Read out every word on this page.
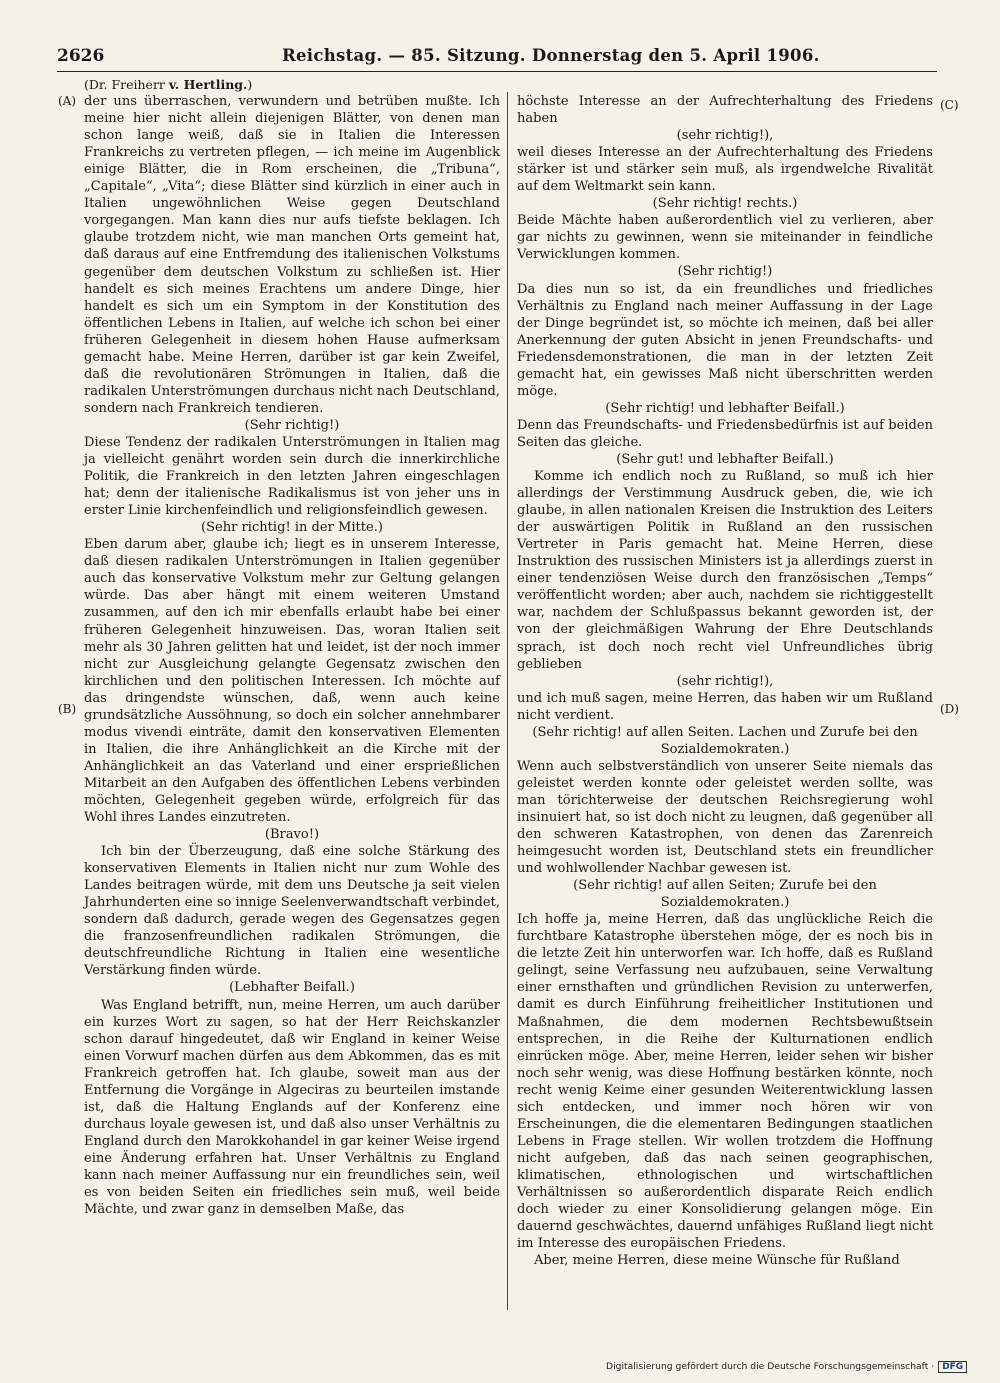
2626	Reichstag. — 85. Sitzung. Donnerstag den 5. April 1906.
(A)
(B)
(C)
(D)

(Dr. Freiherr v. Hertling.)

der uns überraschen, verwundern und betrüben mußte. Ich meine hier nicht allein diejenigen Blätter, von denen man schon lange weiß, daß sie in Italien die Interessen Frankreichs zu vertreten pflegen, — ich meine im Augenblick einige Blätter, die in Rom erscheinen, die „Tribuna“, „Capitale“, „Vita“; diese Blätter sind kürzlich in einer auch in Italien ungewöhnlichen Weise gegen Deutschland vorgegangen. Man kann dies nur aufs tiefste beklagen. Ich glaube trotzdem nicht, wie man manchen Orts gemeint hat, daß daraus auf eine Entfremdung des italienischen Volkstums gegenüber dem deutschen Volkstum zu schließen ist. Hier handelt es sich meines Erachtens um andere Dinge, hier handelt es sich um ein Symptom in der Konstitution des öffentlichen Lebens in Italien, auf welche ich schon bei einer früheren Gelegenheit in diesem hohen Hause aufmerksam gemacht habe. Meine Herren, darüber ist gar kein Zweifel, daß die revolutionären Strömungen in Italien, daß die radikalen Unterströmungen durchaus nicht nach Deutschland, sondern nach Frankreich tendieren.

(Sehr richtig!)

Diese Tendenz der radikalen Unterströmungen in Italien mag ja vielleicht genährt worden sein durch die innerkirchliche Politik, die Frankreich in den letzten Jahren eingeschlagen hat; denn der italienische Radikalismus ist von jeher uns in erster Linie kirchenfeindlich und religionsfeindlich gewesen.

(Sehr richtig! in der Mitte.)

Eben darum aber, glaube ich; liegt es in unserem Interesse, daß diesen radikalen Unterströmungen in Italien gegenüber auch das konservative Volkstum mehr zur Geltung gelangen würde. Das aber hängt mit einem weiteren Umstand zusammen, auf den ich mir ebenfalls erlaubt habe bei einer früheren Gelegenheit hinzuweisen. Das, woran Italien seit mehr als 30 Jahren gelitten hat und leidet, ist der noch immer nicht zur Ausgleichung gelangte Gegensatz zwischen den kirchlichen und den politischen Interessen. Ich möchte auf das dringendste wünschen, daß, wenn auch keine grundsätzliche Aussöhnung, so doch ein solcher annehmbarer modus vivendi einträte, damit den konservativen Elementen in Italien, die ihre Anhänglichkeit an die Kirche mit der Anhänglichkeit an das Vaterland und einer ersprießlichen Mitarbeit an den Aufgaben des öffentlichen Lebens verbinden möchten, Gelegenheit gegeben würde, erfolgreich für das Wohl ihres Landes einzutreten.

(Bravo!)

Ich bin der Überzeugung, daß eine solche Stärkung des konservativen Elements in Italien nicht nur zum Wohle des Landes beitragen würde, mit dem uns Deutsche ja seit vielen Jahrhunderten eine so innige Seelenverwandtschaft verbindet, sondern daß dadurch, gerade wegen des Gegensatzes gegen die franzosenfreundlichen radikalen Strömungen, die deutschfreundliche Richtung in Italien eine wesentliche Verstärkung finden würde.

(Lebhafter Beifall.)

Was England betrifft, nun, meine Herren, um auch darüber ein kurzes Wort zu sagen, so hat der Herr Reichskanzler schon darauf hingedeutet, daß wir England in keiner Weise einen Vorwurf machen dürfen aus dem Abkommen, das es mit Frankreich getroffen hat. Ich glaube, soweit man aus der Entfernung die Vorgänge in Algeciras zu beurteilen imstande ist, daß die Haltung Englands auf der Konferenz eine durchaus loyale gewesen ist, und daß also unser Verhältnis zu England durch den Marokkohandel in gar keiner Weise irgend eine Änderung erfahren hat. Unser Verhältnis zu England kann nach meiner Auffassung nur ein freundliches sein, weil es von beiden Seiten ein friedliches sein muß, weil beide Mächte, und zwar ganz in demselben Maße, das

höchste Interesse an der Aufrechterhaltung des Friedens haben

(sehr richtig!),

weil dieses Interesse an der Aufrechterhaltung des Friedens stärker ist und stärker sein muß, als irgendwelche Rivalität auf dem Weltmarkt sein kann.

(Sehr richtig! rechts.)

Beide Mächte haben außerordentlich viel zu verlieren, aber gar nichts zu gewinnen, wenn sie miteinander in feindliche Verwicklungen kommen.

(Sehr richtig!)

Da dies nun so ist, da ein freundliches und friedliches Verhältnis zu England nach meiner Auffassung in der Lage der Dinge begründet ist, so möchte ich meinen, daß bei aller Anerkennung der guten Absicht in jenen Freundschafts- und Friedensdemonstrationen, die man in der letzten Zeit gemacht hat, ein gewisses Maß nicht überschritten werden möge.

(Sehr richtig! und lebhafter Beifall.)

Denn das Freundschafts- und Friedensbedürfnis ist auf beiden Seiten das gleiche.

(Sehr gut! und lebhafter Beifall.)

Komme ich endlich noch zu Rußland, so muß ich hier allerdings der Verstimmung Ausdruck geben, die, wie ich glaube, in allen nationalen Kreisen die Instruktion des Leiters der auswärtigen Politik in Rußland an den russischen Vertreter in Paris gemacht hat. Meine Herren, diese Instruktion des russischen Ministers ist ja allerdings zuerst in einer tendenziösen Weise durch den französischen „Temps“ veröffentlicht worden; aber auch, nachdem sie richtiggestellt war, nachdem der Schlußpassus bekannt geworden ist, der von der gleichmäßigen Wahrung der Ehre Deutschlands sprach, ist doch noch recht viel Unfreundliches übrig geblieben

(sehr richtig!),

und ich muß sagen, meine Herren, das haben wir um Rußland nicht verdient.

(Sehr richtig! auf allen Seiten. Lachen und Zurufe bei den Sozialdemokraten.)

Wenn auch selbstverständlich von unserer Seite niemals das geleistet werden konnte oder geleistet werden sollte, was man törichterweise der deutschen Reichsregierung wohl insinuiert hat, so ist doch nicht zu leugnen, daß gegenüber all den schweren Katastrophen, von denen das Zarenreich heimgesucht worden ist, Deutschland stets ein freundlicher und wohlwollender Nachbar gewesen ist.

(Sehr richtig! auf allen Seiten; Zurufe bei den Sozialdemokraten.)

Ich hoffe ja, meine Herren, daß das unglückliche Reich die furchtbare Katastrophe überstehen möge, der es noch bis in die letzte Zeit hin unterworfen war. Ich hoffe, daß es Rußland gelingt, seine Verfassung neu aufzubauen, seine Verwaltung einer ernsthaften und gründlichen Revision zu unterwerfen, damit es durch Einführung freiheitlicher Institutionen und Maßnahmen, die dem modernen Rechtsbewußtsein entsprechen, in die Reihe der Kulturnationen endlich einrücken möge. Aber, meine Herren, leider sehen wir bisher noch sehr wenig, was diese Hoffnung bestärken könnte, noch recht wenig Keime einer gesunden Weiterentwicklung lassen sich entdecken, und immer noch hören wir von Erscheinungen, die die elementaren Bedingungen staatlichen Lebens in Frage stellen. Wir wollen trotzdem die Hoffnung nicht aufgeben, daß das nach seinen geographischen, klimatischen, ethnologischen und wirtschaftlichen Verhältnissen so außerordentlich disparate Reich endlich doch wieder zu einer Konsolidierung gelangen möge. Ein dauernd geschwächtes, dauernd unfähiges Rußland liegt nicht im Interesse des europäischen Friedens.

Aber, meine Herren, diese meine Wünsche für Rußland

Digitalisierung gefördert durch die Deutsche Forschungsgemeinschaft · DFG
